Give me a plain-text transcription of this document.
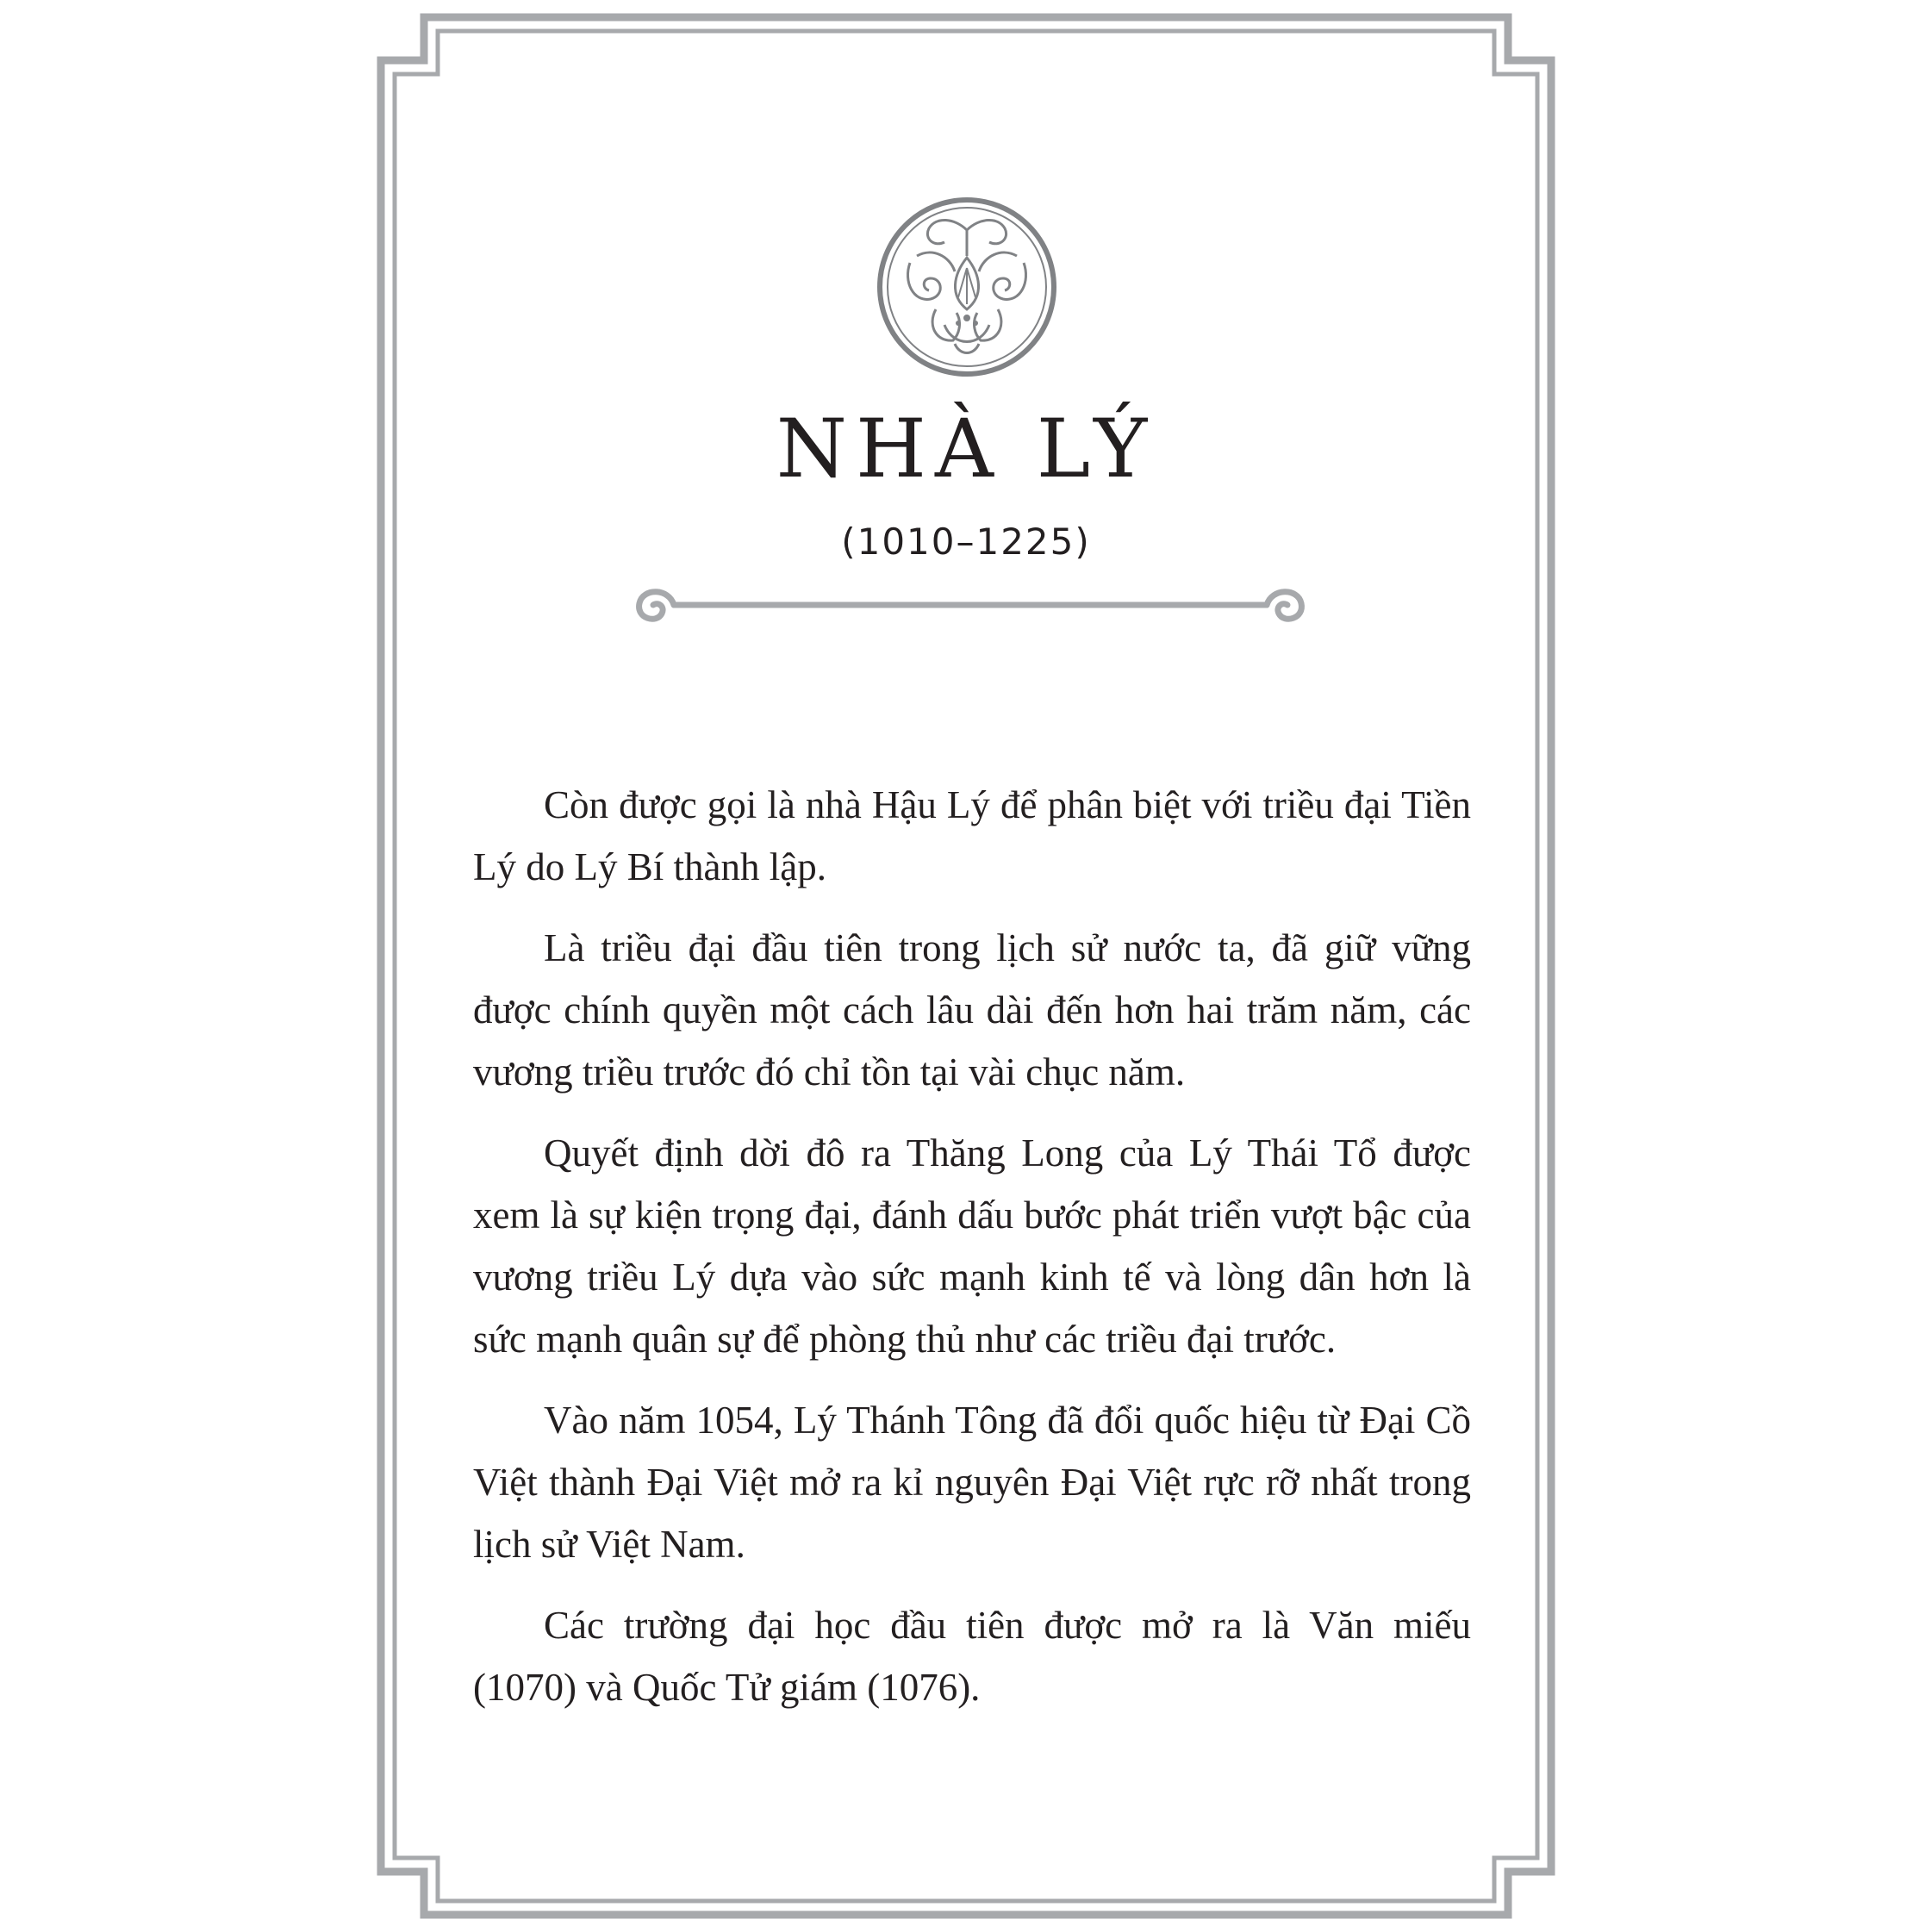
NHÀ LÝ
(1010–1225)

Còn được gọi là nhà Hậu Lý để phân biệt với triều đại Tiền Lý do Lý Bí thành lập.

Là triều đại đầu tiên trong lịch sử nước ta, đã giữ vững được chính quyền một cách lâu dài đến hơn hai trăm năm, các vương triều trước đó chỉ tồn tại vài chục năm.

Quyết định dời đô ra Thăng Long của Lý Thái Tổ được xem là sự kiện trọng đại, đánh dấu bước phát triển vượt bậc của vương triều Lý dựa vào sức mạnh kinh tế và lòng dân hơn là sức mạnh quân sự để phòng thủ như các triều đại trước.

Vào năm 1054, Lý Thánh Tông đã đổi quốc hiệu từ Đại Cồ Việt thành Đại Việt mở ra kỉ nguyên Đại Việt rực rỡ nhất trong lịch sử Việt Nam.

Các trường đại học đầu tiên được mở ra là Văn miếu (1070) và Quốc Tử giám (1076).
